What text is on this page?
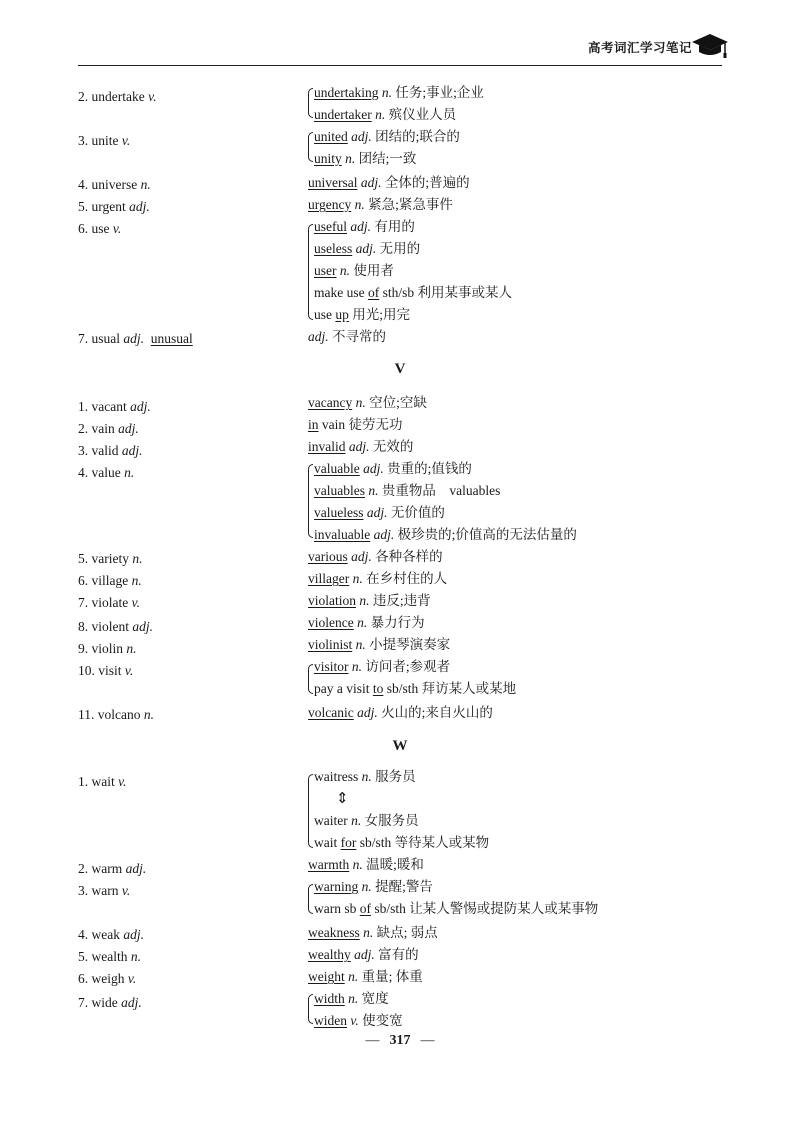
高考词汇学习笔记
V
W
2. undertake v.	undertaking n. 任务;事业;企业
undertaker n. 殡仪业人员
3. unite v.	united adj. 团结的;联合的
unity n. 团结;一致
4. universe n.	universal adj. 全体的;普遍的
5. urgent adj.	urgency n. 紧急;紧急事件
6. use v.	useful adj. 有用的
useless adj. 无用的
user n. 使用者
make use of sth/sb 利用某事或某人
use up 用光;用完
7. usual adj. unusual	adj. 不寻常的
1. vacant adj.	vacancy n. 空位;空缺
2. vain adj.	in vain 徒劳无功
3. valid adj.	invalid adj. 无效的
4. value n.	valuable adj. 贵重的;值钱的
valuables n. 贵重物品　valuables
valueless adj. 无价值的
invaluable adj. 极珍贵的;价值高的无法估量的
5. variety n.	various adj. 各种各样的
6. village n.	villager n. 在乡村住的人
7. violate v.	violation n. 违反;违背
8. violent adj.	violence n. 暴力行为
9. violin n.	violinist n. 小提琴演奏家
10. visit v.	visitor n. 访问者;参观者
pay a visit to sb/sth 拜访某人或某地
11. volcano n.	volcanic adj. 火山的;来自火山的
1. wait v.	waitress n. 服务员
⇕
waiter n. 女服务员
wait for sb/sth 等待某人或某物
2. warm adj.	warmth n. 温暖;暖和
3. warn v.	warning n. 提醒;警告
warn sb of sb/sth 让某人警惕或提防某人或某事物
4. weak adj.	weakness n. 缺点; 弱点
5. wealth n.	wealthy adj. 富有的
6. weigh v.	weight n. 重量; 体重
7. wide adj.	width n. 宽度
widen v. 使变宽
— 317 —
